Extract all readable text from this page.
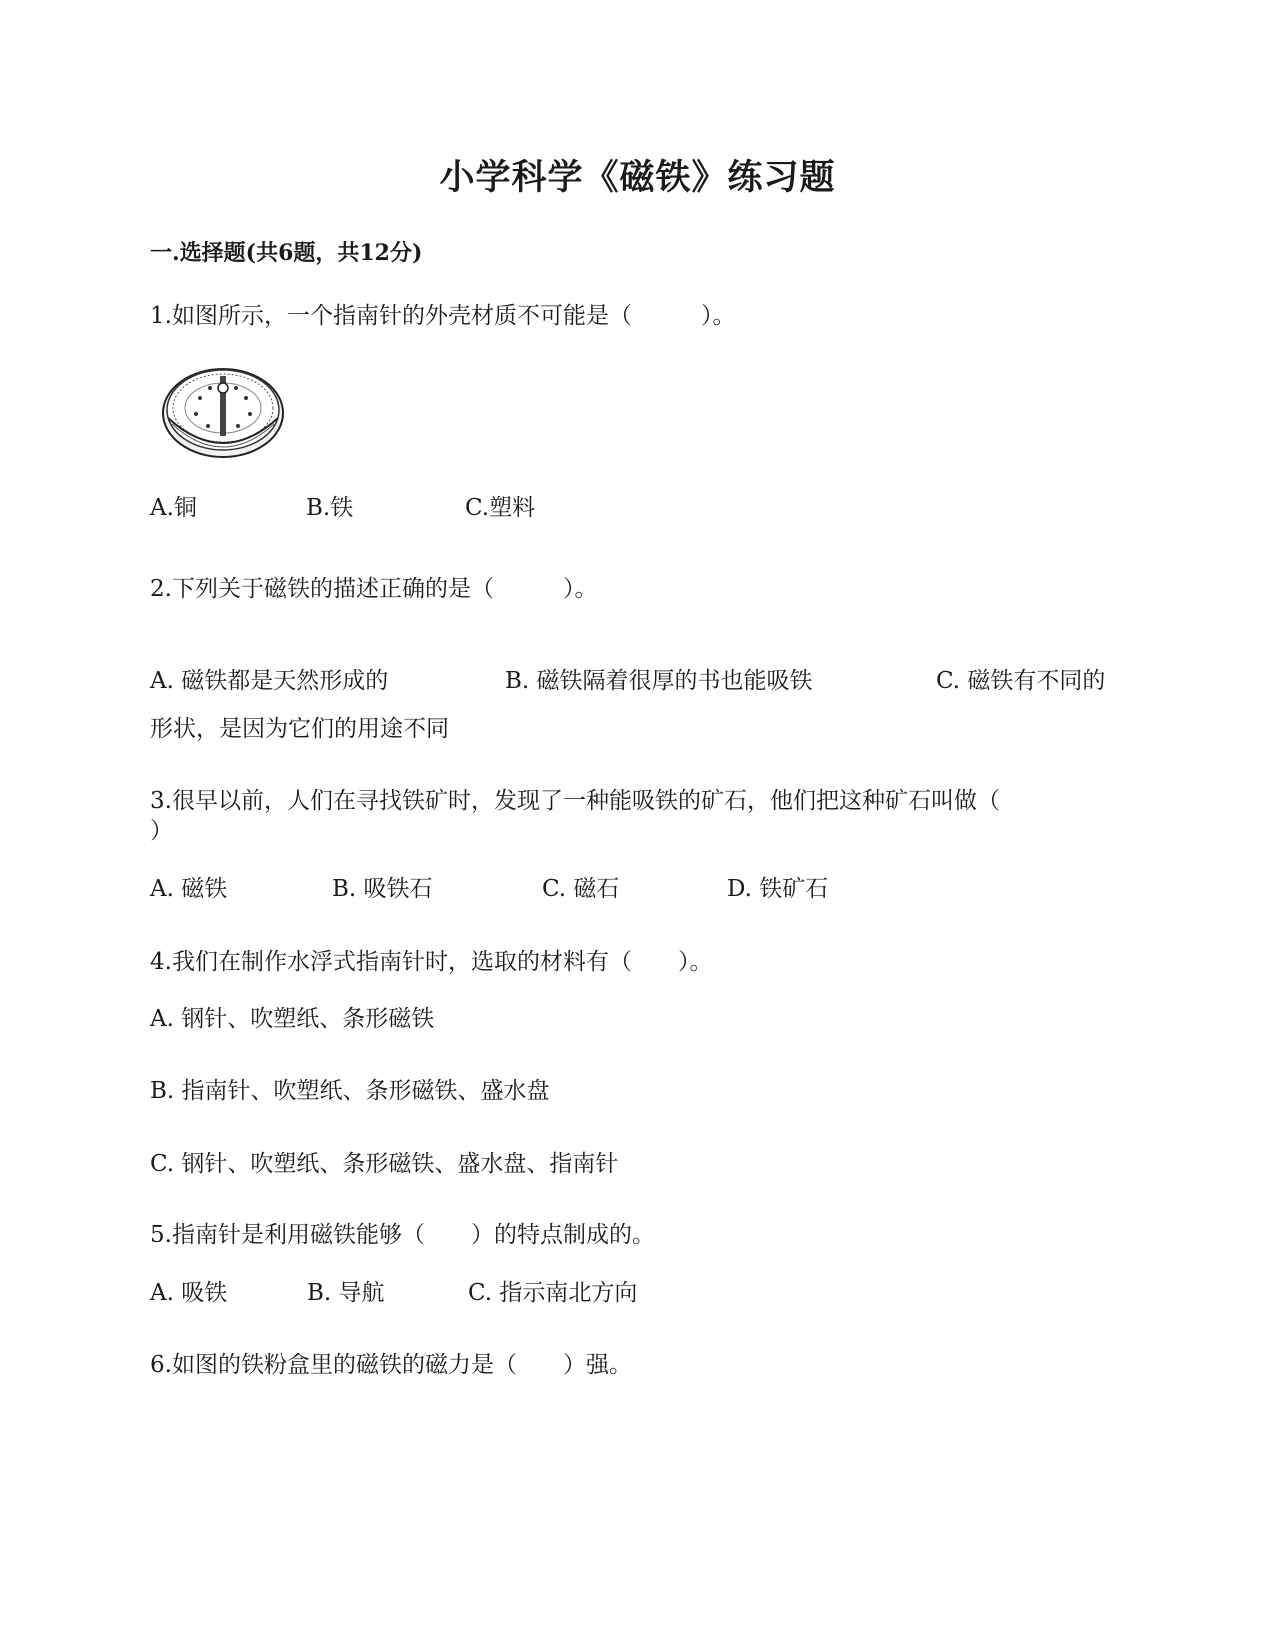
小学科学《磁铁》练习题
一.选择题(共6题，共12分)
1.如图所示，一个指南针的外壳材质不可能是（　　　）。
A.铜	B.铁	C.塑料
2.下列关于磁铁的描述正确的是（　　　）。
A. 磁铁都是天然形成的	B. 磁铁隔着很厚的书也能吸铁	C. 磁铁有不同的
形状，是因为它们的用途不同
3.很早以前，人们在寻找铁矿时，发现了一种能吸铁的矿石，他们把这种矿石叫做（
）
A. 磁铁	B. 吸铁石	C. 磁石	D. 铁矿石
4.我们在制作水浮式指南针时，选取的材料有（　　）。
A. 钢针、吹塑纸、条形磁铁
B. 指南针、吹塑纸、条形磁铁、盛水盘
C. 钢针、吹塑纸、条形磁铁、盛水盘、指南针
5.指南针是利用磁铁能够（　　）的特点制成的。
A. 吸铁	B. 导航	C. 指示南北方向
6.如图的铁粉盒里的磁铁的磁力是（　　）强。
